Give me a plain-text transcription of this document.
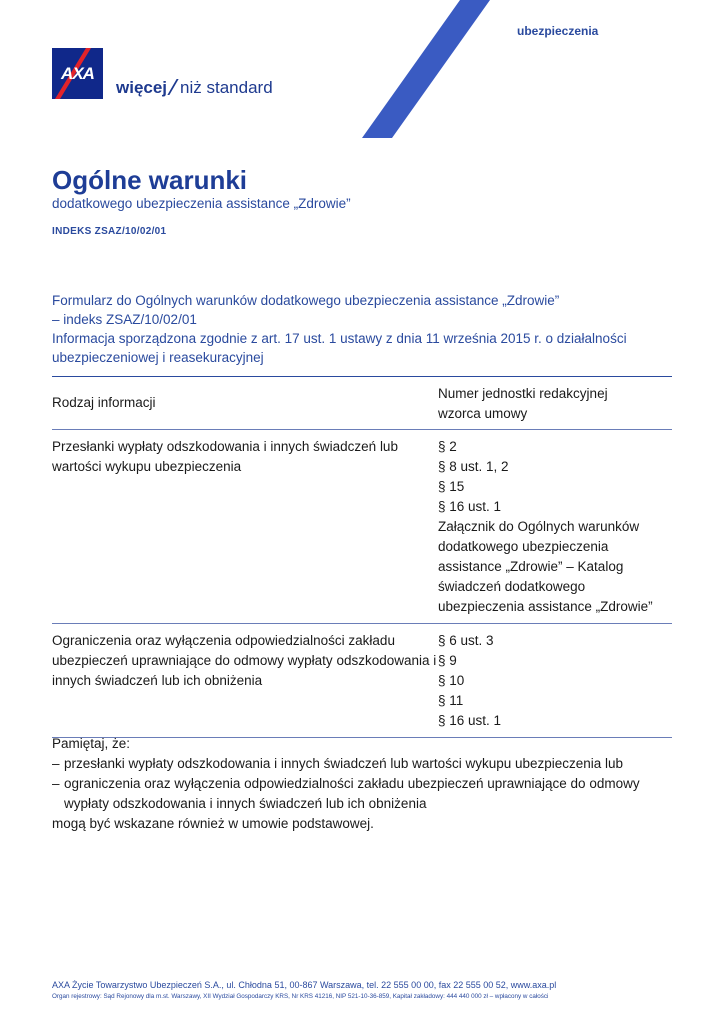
ubezpieczenia
AXA
więcej niż standard
Ogólne warunki
dodatkowego ubezpieczenia assistance „Zdrowie”
INDEKS ZSAZ/10/02/01

Formularz do Ogólnych warunków dodatkowego ubezpieczenia assistance „Zdrowie”

– indeks ZSAZ/10/02/01

Informacja sporządzona zgodnie z art. 17 ust. 1 ustawy z dnia 11 września 2015 r. o działalności ubezpieczeniowej i reasekuracyjnej

Rodzaj informacji
Numer jednostki redakcyjnej
wzorca umowy
Przesłanki wypłaty odszkodowania i innych świadczeń lub wartości wykupu ubezpieczenia
§ 2
§ 8 ust. 1, 2
§ 15
§ 16 ust. 1
Załącznik do Ogólnych warunków dodatkowego ubezpieczenia assistance „Zdrowie” – Katalog świadczeń dodatkowego ubezpieczenia assistance „Zdrowie”
Ograniczenia oraz wyłączenia odpowiedzialności zakładu ubezpieczeń uprawniające do odmowy wypłaty odszkodowania i innych świadczeń lub ich obniżenia
§ 6 ust. 3
§ 9
§ 10
§ 11
§ 16 ust. 1

Pamiętaj, że:

– przesłanki wypłaty odszkodowania i innych świadczeń lub wartości wykupu ubezpieczenia lub
– ograniczenia oraz wyłączenia odpowiedzialności zakładu ubezpieczeń uprawniające do odmowy wypłaty odszkodowania i innych świadczeń lub ich obniżenia

mogą być wskazane również w umowie podstawowej.

AXA Życie Towarzystwo Ubezpieczeń S.A., ul. Chłodna 51, 00-867 Warszawa, tel. 22 555 00 00, fax 22 555 00 52, www.axa.pl
Organ rejestrowy: Sąd Rejonowy dla m.st. Warszawy, XII Wydział Gospodarczy KRS, Nr KRS 41216, NIP 521-10-36-859, Kapitał zakładowy: 444 440 000 zł – wpłacony w całości
